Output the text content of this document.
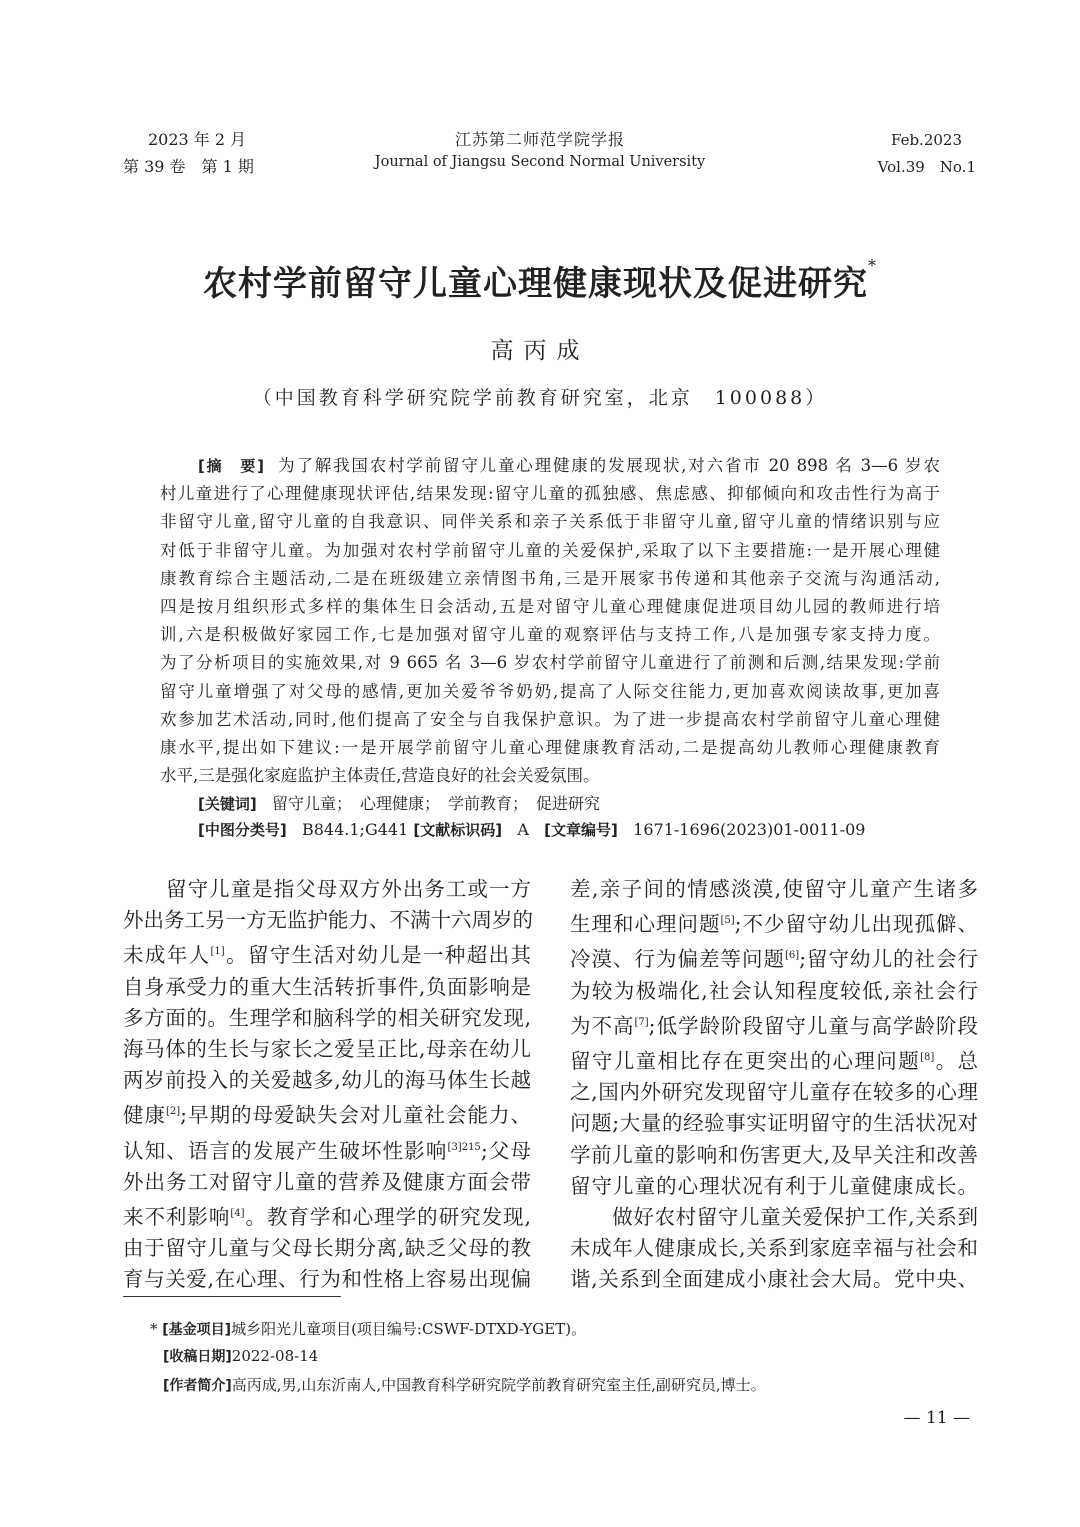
2023 年 2 月
第 39 卷　第 1 期
江苏第二师范学院学报
Journal of Jiangsu Second Normal University
Feb.2023
Vol.39　No.1
农村学前留守儿童心理健康现状及促进研究*
高丙成
（中国教育科学研究院学前教育研究室，北京　100088）
[摘　要] 为了解我国农村学前留守儿童心理健康的发展现状,对六省市 20 898 名 3—6 岁农
村儿童进行了心理健康现状评估,结果发现:留守儿童的孤独感、焦虑感、抑郁倾向和攻击性行为高于
非留守儿童,留守儿童的自我意识、同伴关系和亲子关系低于非留守儿童,留守儿童的情绪识别与应
对低于非留守儿童。为加强对农村学前留守儿童的关爱保护,采取了以下主要措施:一是开展心理健
康教育综合主题活动,二是在班级建立亲情图书角,三是开展家书传递和其他亲子交流与沟通活动,
四是按月组织形式多样的集体生日会活动,五是对留守儿童心理健康促进项目幼儿园的教师进行培
训,六是积极做好家园工作,七是加强对留守儿童的观察评估与支持工作,八是加强专家支持力度。
为了分析项目的实施效果,对 9 665 名 3—6 岁农村学前留守儿童进行了前测和后测,结果发现:学前
留守儿童增强了对父母的感情,更加关爱爷爷奶奶,提高了人际交往能力,更加喜欢阅读故事,更加喜
欢参加艺术活动,同时,他们提高了安全与自我保护意识。为了进一步提高农村学前留守儿童心理健
康水平,提出如下建议:一是开展学前留守儿童心理健康教育活动,二是提高幼儿教师心理健康教育
水平,三是强化家庭监护主体责任,营造良好的社会关爱氛围。
[关键词] 留守儿童；　心理健康；　学前教育；　促进研究
[中图分类号] B844.1;G441 [文献标识码] A [文章编号] 1671-1696(2023)01-0011-09
　　留守儿童是指父母双方外出务工或一方
外出务工另一方无监护能力、不满十六周岁的
未成年人[1]。留守生活对幼儿是一种超出其
自身承受力的重大生活转折事件,负面影响是
多方面的。生理学和脑科学的相关研究发现,
海马体的生长与家长之爱呈正比,母亲在幼儿
两岁前投入的关爱越多,幼儿的海马体生长越
健康[2];早期的母爱缺失会对儿童社会能力、
认知、语言的发展产生破坏性影响$^{[3]215}$;父母
外出务工对留守儿童的营养及健康方面会带
来不利影响[4]。教育学和心理学的研究发现,
由于留守儿童与父母长期分离,缺乏父母的教
育与关爱,在心理、行为和性格上容易出现偏
差,亲子间的情感淡漠,使留守儿童产生诸多
生理和心理问题[5];不少留守幼儿出现孤僻、
冷漠、行为偏差等问题[6];留守幼儿的社会行
为较为极端化,社会认知程度较低,亲社会行
为不高[7];低学龄阶段留守儿童与高学龄阶段
留守儿童相比存在更突出的心理问题[8]。总
之,国内外研究发现留守儿童存在较多的心理
问题;大量的经验事实证明留守的生活状况对
学前儿童的影响和伤害更大,及早关注和改善
留守儿童的心理状况有利于儿童健康成长。
　　做好农村留守儿童关爱保护工作,关系到
未成年人健康成长,关系到家庭幸福与社会和
谐,关系到全面建成小康社会大局。党中央、
* [基金项目]城乡阳光儿童项目(项目编号:CSWF-DTXD-YGET)。
[收稿日期]2022-08-14
[作者简介]高丙成,男,山东沂南人,中国教育科学研究院学前教育研究室主任,副研究员,博士。
— 11 —
